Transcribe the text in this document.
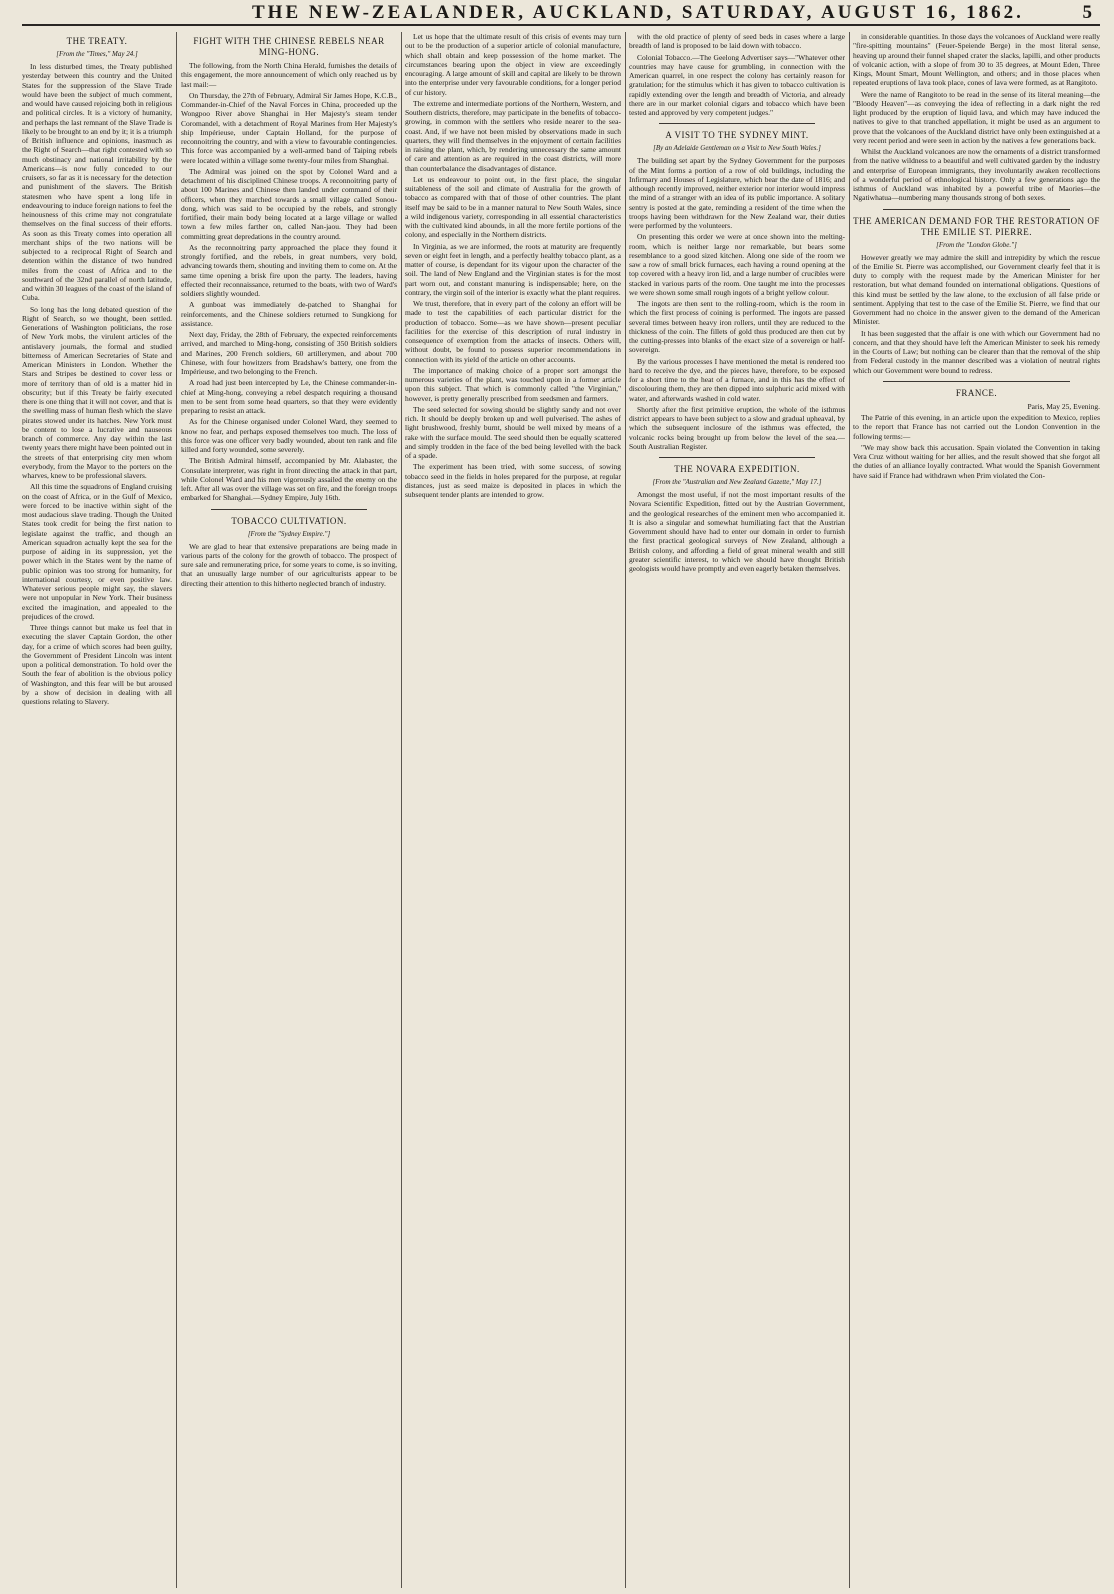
THE NEW-ZEALANDER, AUCKLAND, SATURDAY, AUGUST 16, 1862.	5
THE TREATY.
[From the "Times," May 24.]
In less disturbed times, the Treaty published yesterday between this country and the United States for the suppression of the Slave Trade would have been the subject of much comment, and would have caused rejoicing both in religious and political circles. It is a victory of humanity, and perhaps the last remnant of the Slave Trade is likely to be brought to an end by it; it is a triumph of British influence and opinions, inasmuch as the Right of Search—that right contested with so much obstinacy and national irritability by the Americans—is now fully conceded to our cruisers, so far as it is necessary for the detection and punishment of the slavers. The British statesmen who have spent a long life in endeavouring to induce foreign nations to feel the heinousness of this crime may not congratulate themselves on the final success of their efforts. As soon as this Treaty comes into operation all merchant ships of the two nations will be subjected to a reciprocal Right of Search and detention within the distance of two hundred miles from the coast of Africa and to the southward of the 32nd parallel of north latitude, and within 30 leagues of the coast of the island of Cuba.
So long has the long debated question of the Right of Search, so we thought, been settled. Generations of Washington politicians, the rose of New York mobs, the virulent articles of the antislavery journals, the formal and studied bitterness of American Secretaries of State and American Ministers in London. Whether the Stars and Stripes be destined to cover less or more of territory than of old is a matter hid in obscurity; but if this Treaty be fairly executed there is one thing that it will not cover, and that is the swelling mass of human flesh which the slave pirates stowed under its hatches. New York must be content to lose a lucrative and nauseous branch of commerce. Any day within the last twenty years there might have been pointed out in the streets of that enterprising city men whom everybody, from the Mayor to the porters on the wharves, knew to be professional slavers.
All this time the squadrons of England cruising on the coast of Africa, or in the Gulf of Mexico, were forced to be inactive within sight of the most audacious slave trading. Though the United States took credit for being the first nation to legislate against the traffic, and though an American squadron actually kept the sea for the purpose of aiding in its suppression, yet the power which in the States went by the name of public opinion was too strong for humanity, for international courtesy, or even positive law. Whatever serious people might say, the slavers were not unpopular in New York. Their business excited the imagination, and appealed to the prejudices of the crowd.
Three things cannot but make us feel that in executing the slaver Captain Gordon, the other day, for a crime of which scores had been guilty, the Government of President Lincoln was intent upon a political demonstration. To hold over the South the fear of abolition is the obvious policy of Washington, and this fear will be but aroused by a show of decision in dealing with all questions relating to Slavery.
FIGHT WITH THE CHINESE REBELS NEAR MING-HONG.
The following, from the North China Herald, furnishes the details of this engagement, the more announcement of which only reached us by last mail:—
On Thursday, the 27th of February, Admiral Sir James Hope, K.C.B., Commander-in-Chief of the Naval Forces in China, proceeded up the Wongpoo River above Shanghai in Her Majesty's steam tender Coromandel, with a detachment of Royal Marines from Her Majesty's ship Impérieuse, under Captain Holland, for the purpose of reconnoitring the country, and with a view to favourable contingencies. This force was accompanied by a well-armed band of Taiping rebels were located within a village some twenty-four miles from Shanghai.
The Admiral was joined on the spot by Colonel Ward and a detachment of his disciplined Chinese troops. A reconnoitring party of about 100 Marines and Chinese then landed under command of their officers, when they marched towards a small village called Sonou-dong, which was said to be occupied by the rebels, and strongly fortified, their main body being located at a large village or walled town a few miles farther on, called Nan-jaou. They had been committing great depredations in the country around.
As the reconnoitring party approached the place they found it strongly fortified, and the rebels, in great numbers, very bold, advancing towards them, shouting and inviting them to come on. At the same time opening a brisk fire upon the party. The leaders, having effected their reconnaissance, returned to the boats, with two of Ward's soldiers slightly wounded.
A gunboat was immediately de-patched to Shanghai for reinforcements, and the Chinese soldiers returned to Sungkiong for assistance.
Next day, Friday, the 28th of February, the expected reinforcements arrived, and marched to Ming-hong, consisting of 350 British soldiers and Marines, 200 French soldiers, 60 artillerymen, and about 700 Chinese, with four howitzers from Bradshaw's battery, one from the Impérieuse, and two belonging to the French.
A road had just been intercepted by Le, the Chinese commander-in-chief at Ming-hong, conveying a rebel despatch requiring a thousand men to be sent from some head quarters, so that they were evidently preparing to resist an attack.
As for the Chinese organised under Colonel Ward, they seemed to know no fear, and perhaps exposed themselves too much. The loss of this force was one officer very badly wounded, about ten rank and file killed and forty wounded, some severely.
The British Admiral himself, accompanied by Mr. Alabaster, the Consulate interpreter, was right in front directing the attack in that part, while Colonel Ward and his men vigorously assailed the enemy on the left. After all was over the village was set on fire, and the foreign troops embarked for Shanghai.—Sydney Empire, July 16th.
TOBACCO CULTIVATION.
[From the "Sydney Empire."]
We are glad to hear that extensive preparations are being made in various parts of the colony for the growth of tobacco. The prospect of sure sale and remunerating price, for some years to come, is so inviting, that an unusually large number of our agriculturists appear to be directing their attention to this hitherto neglected branch of industry.
Let us hope that the ultimate result of this crisis of events may turn out to be the production of a superior article of colonial manufacture, which shall obtain and keep possession of the home market. The circumstances bearing upon the object in view are exceedingly encouraging. A large amount of skill and capital are likely to be thrown into the enterprise under very favourable conditions, for a longer period of cur history.
The extreme and intermediate portions of the Northern, Western, and Southern districts, therefore, may participate in the benefits of tobacco-growing, in common with the settlers who reside nearer to the sea-coast. And, if we have not been misled by observations made in such quarters, they will find themselves in the enjoyment of certain facilities in raising the plant, which, by rendering unnecessary the same amount of care and attention as are required in the coast districts, will more than counterbalance the disadvantages of distance.
Let us endeavour to point out, in the first place, the singular suitableness of the soil and climate of Australia for the growth of tobacco as compared with that of those of other countries. The plant itself may be said to be in a manner natural to New South Wales, since a wild indigenous variety, corresponding in all essential characteristics with the cultivated kind abounds, in all the more fertile portions of the colony, and especially in the Northern districts.
In Virginia, as we are informed, the roots at maturity are frequently seven or eight feet in length, and a perfectly healthy tobacco plant, as a matter of course, is dependant for its vigour upon the character of the soil. The land of New England and the Virginian states is for the most part worn out, and constant manuring is indispensable; here, on the contrary, the virgin soil of the interior is exactly what the plant requires.
We trust, therefore, that in every part of the colony an effort will be made to test the capabilities of each particular district for the production of tobacco. Some—as we have shown—present peculiar facilities for the exercise of this description of rural industry in consequence of exemption from the attacks of insects. Others will, without doubt, be found to possess superior recommendations in connection with its yield of the article on other accounts.
The importance of making choice of a proper sort amongst the numerous varieties of the plant, was touched upon in a former article upon this subject. That which is commonly called "the Virginian," however, is pretty generally prescribed from seedsmen and farmers.
The seed selected for sowing should be slightly sandy and not over rich. It should be deeply broken up and well pulverised. The ashes of light brushwood, freshly burnt, should be well mixed by means of a rake with the surface mould. The seed should then be equally scattered and simply trodden in the face of the bed being levelled with the back of a spade.
The experiment has been tried, with some success, of sowing tobacco seed in the fields in holes prepared for the purpose, at regular distances, just as seed maize is deposited in places in which the subsequent tender plants are intended to grow.
with the old practice of plenty of seed beds in cases where a large breadth of land is proposed to be laid down with tobacco.
Colonial Tobacco.—The Geelong Advertiser says—"Whatever other countries may have cause for grumbling, in connection with the American quarrel, in one respect the colony has certainly reason for gratulation; for the stimulus which it has given to tobacco cultivation is rapidly extending over the length and breadth of Victoria, and already there are in our market colonial cigars and tobacco which have been tested and approved by very competent judges."
A VISIT TO THE SYDNEY MINT.
[By an Adelaide Gentleman on a Visit to New South Wales.]
The building set apart by the Sydney Government for the purposes of the Mint forms a portion of a row of old buildings, including the Infirmary and Houses of Legislature, which bear the date of 1816; and although recently improved, neither exterior nor interior would impress the mind of a stranger with an idea of its public importance. A solitary sentry is posted at the gate, reminding a resident of the time when the troops having been withdrawn for the New Zealand war, their duties were performed by the volunteers.
On presenting this order we were at once shown into the melting-room, which is neither large nor remarkable, but bears some resemblance to a good sized kitchen. Along one side of the room we saw a row of small brick furnaces, each having a round opening at the top covered with a heavy iron lid, and a large number of crucibles were stacked in various parts of the room. One taught me into the processes we were shown some small rough ingots of a bright yellow colour.
The ingots are then sent to the rolling-room, which is the room in which the first process of coining is performed. The ingots are passed several times between heavy iron rollers, until they are reduced to the thickness of the coin. The fillets of gold thus produced are then cut by the cutting-presses into blanks of the exact size of a sovereign or half-sovereign.
By the various processes I have mentioned the metal is rendered too hard to receive the dye, and the pieces have, therefore, to be exposed for a short time to the heat of a furnace, and in this has the effect of discolouring them, they are then dipped into sulphuric acid mixed with water, and afterwards washed in cold water.
Shortly after the first primitive eruption, the whole of the isthmus district appears to have been subject to a slow and gradual upheaval, by which the subsequent inclosure of the isthmus was effected, the volcanic rocks being brought up from below the level of the sea.—South Australian Register.
THE NOVARA EXPEDITION.
[From the "Australian and New Zealand Gazette," May 17.]
Amongst the most useful, if not the most important results of the Novara Scientific Expedition, fitted out by the Austrian Government, and the geological researches of the eminent men who accompanied it. It is also a singular and somewhat humiliating fact that the Austrian Government should have had to enter our domain in order to furnish the first practical geological surveys of New Zealand, although a British colony, and affording a field of great mineral wealth and still greater scientific interest, to which we should have thought British geologists would have promptly and even eagerly betaken themselves.
in considerable quantities. In those days the volcanoes of Auckland were really "fire-spitting mountains" (Feuer-Speiende Berge) in the most literal sense, heaving up around their funnel shaped crater the slacks, lapilli, and other products of volcanic action, with a slope of from 30 to 35 degrees, at Mount Eden, Three Kings, Mount Smart, Mount Wellington, and others; and in those places when repeated eruptions of lava took place, cones of lava were formed, as at Rangitoto.
Were the name of Rangitoto to be read in the sense of its literal meaning—the "Bloody Heaven"—as conveying the idea of reflecting in a dark night the red light produced by the eruption of liquid lava, and which may have induced the natives to give to that tranched appellation, it might be used as an argument to prove that the volcanoes of the Auckland district have only been extinguished at a very recent period and were seen in action by the natives a few generations back.
Whilst the Auckland volcanoes are now the ornaments of a district transformed from the native wildness to a beautiful and well cultivated garden by the industry and enterprise of European immigrants, they involuntarily awaken recollections of a wonderful period of ethnological history. Only a few generations ago the isthmus of Auckland was inhabited by a powerful tribe of Maories—the Ngatiwhatua—numbering many thousands strong of both sexes.
THE AMERICAN DEMAND FOR THE RESTORATION OF THE EMILIE ST. PIERRE.
[From the "London Globe."]
However greatly we may admire the skill and intrepidity by which the rescue of the Emilie St. Pierre was accomplished, our Government clearly feel that it is duty to comply with the request made by the American Minister for her restoration, but what demand founded on international obligations. Questions of this kind must be settled by the law alone, to the exclusion of all false pride or sentiment. Applying that test to the case of the Emilie St. Pierre, we find that our Government had no choice in the answer given to the demand of the American Minister.
It has been suggested that the affair is one with which our Government had no concern, and that they should have left the American Minister to seek his remedy in the Courts of Law; but nothing can be clearer than that the removal of the ship from Federal custody in the manner described was a violation of neutral rights which our Government were bound to redress.
FRANCE.
Paris, May 25, Evening.
The Patrie of this evening, in an article upon the expedition to Mexico, replies to the report that France has not carried out the London Convention in the following terms:—
"We may show back this accusation. Spain violated the Convention in taking Vera Cruz without waiting for her allies, and the result showed that she forgot all the duties of an alliance loyally contracted. What would the Spanish Government have said if France had withdrawn when Prim violated the Con-
